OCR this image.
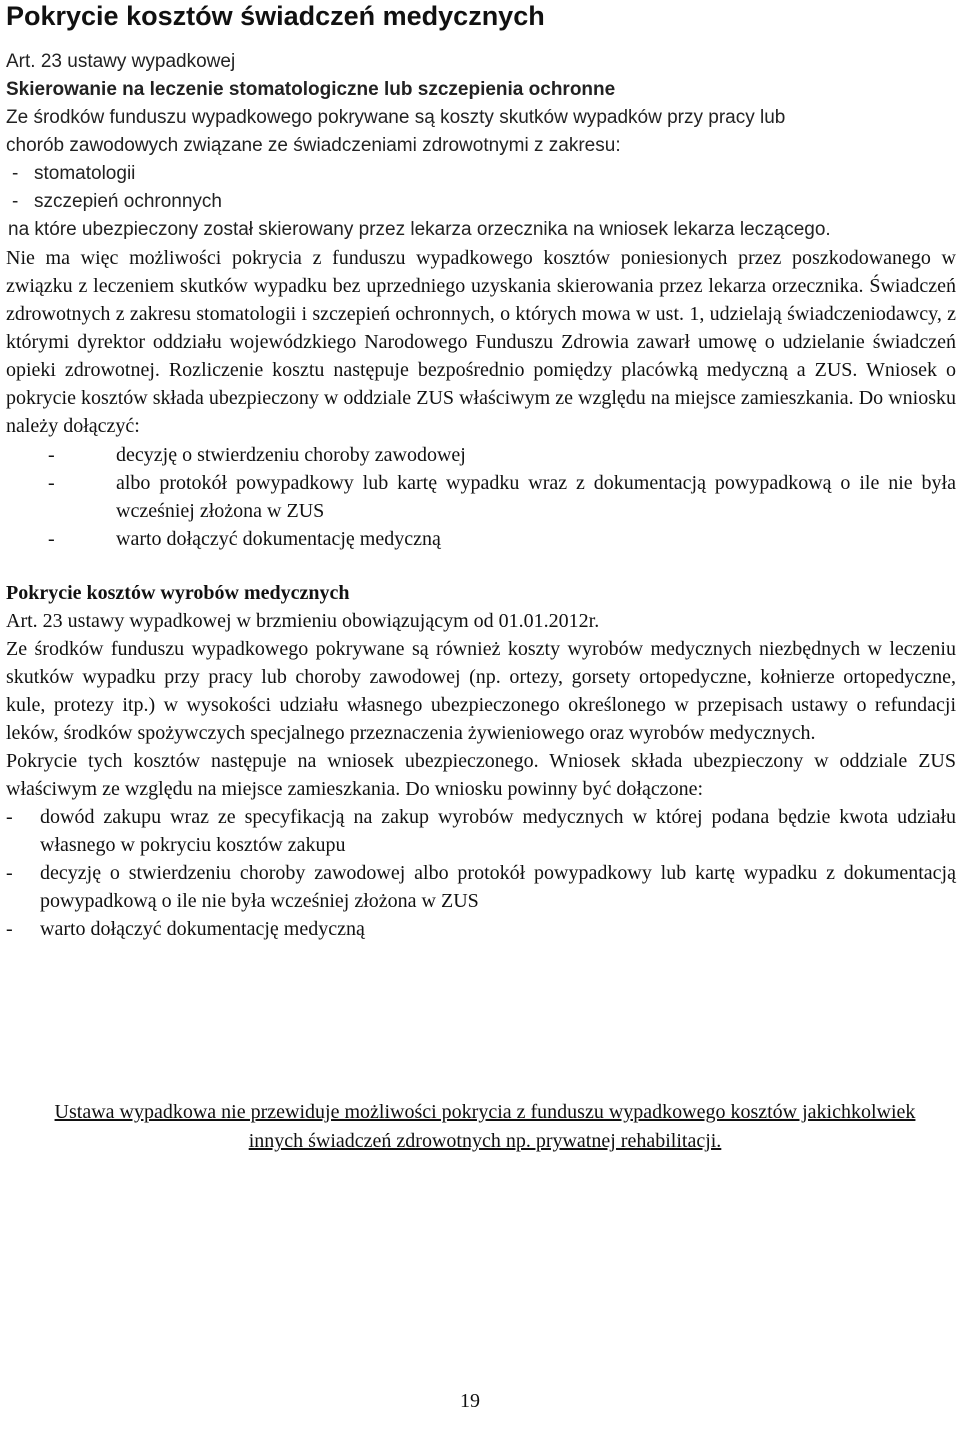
Pokrycie kosztów świadczeń medycznych
Art. 23 ustawy wypadkowej
Skierowanie na leczenie stomatologiczne lub szczepienia ochronne
Ze środków funduszu wypadkowego pokrywane są koszty skutków wypadków przy pracy lub
chorób zawodowych związane ze świadczeniami zdrowotnymi z zakresu:
- stomatologii
- szczepień ochronnych
na które ubezpieczony został skierowany przez lekarza orzecznika na wniosek lekarza leczącego.
Nie ma więc możliwości pokrycia z funduszu wypadkowego kosztów poniesionych przez poszkodowanego w związku z leczeniem skutków wypadku bez uprzedniego uzyskania skierowania przez lekarza orzecznika. Świadczeń zdrowotnych z zakresu stomatologii i szczepień ochronnych, o których mowa w ust. 1, udzielają świadczeniodawcy, z którymi dyrektor oddziału wojewódzkiego Narodowego Funduszu Zdrowia zawarł umowę o udzielanie świadczeń opieki zdrowotnej. Rozliczenie kosztu następuje bezpośrednio pomiędzy placówką medyczną a ZUS. Wniosek o pokrycie kosztów składa ubezpieczony w oddziale ZUS właściwym ze względu na miejsce zamieszkania. Do wniosku należy dołączyć:
-	decyzję o stwierdzeniu choroby zawodowej
-	albo protokół powypadkowy lub kartę wypadku wraz z dokumentacją powypadkową o ile nie była wcześniej złożona w ZUS
-	warto dołączyć dokumentację medyczną
Pokrycie kosztów wyrobów medycznych
Art. 23 ustawy wypadkowej w brzmieniu obowiązującym od 01.01.2012r.
Ze środków funduszu wypadkowego pokrywane są również koszty wyrobów medycznych niezbędnych w leczeniu skutków wypadku przy pracy lub choroby zawodowej (np. ortezy, gorsety ortopedyczne, kołnierze ortopedyczne, kule, protezy itp.) w wysokości udziału własnego ubezpieczonego określonego w przepisach ustawy o refundacji leków, środków spożywczych specjalnego przeznaczenia żywieniowego oraz wyrobów medycznych.
Pokrycie tych kosztów następuje na wniosek ubezpieczonego. Wniosek składa ubezpieczony w oddziale ZUS właściwym ze względu na miejsce zamieszkania. Do wniosku powinny być dołączone:
-	dowód zakupu wraz ze specyfikacją na zakup wyrobów medycznych w której podana będzie kwota udziału własnego w pokryciu kosztów zakupu
-	decyzję o stwierdzeniu choroby zawodowej albo protokół powypadkowy lub kartę wypadku z dokumentacją powypadkową o ile nie była wcześniej złożona w ZUS
-	warto dołączyć dokumentację medyczną
Ustawa wypadkowa nie przewiduje możliwości pokrycia z funduszu wypadkowego kosztów jakichkolwiek innych świadczeń zdrowotnych np. prywatnej rehabilitacji.
19
